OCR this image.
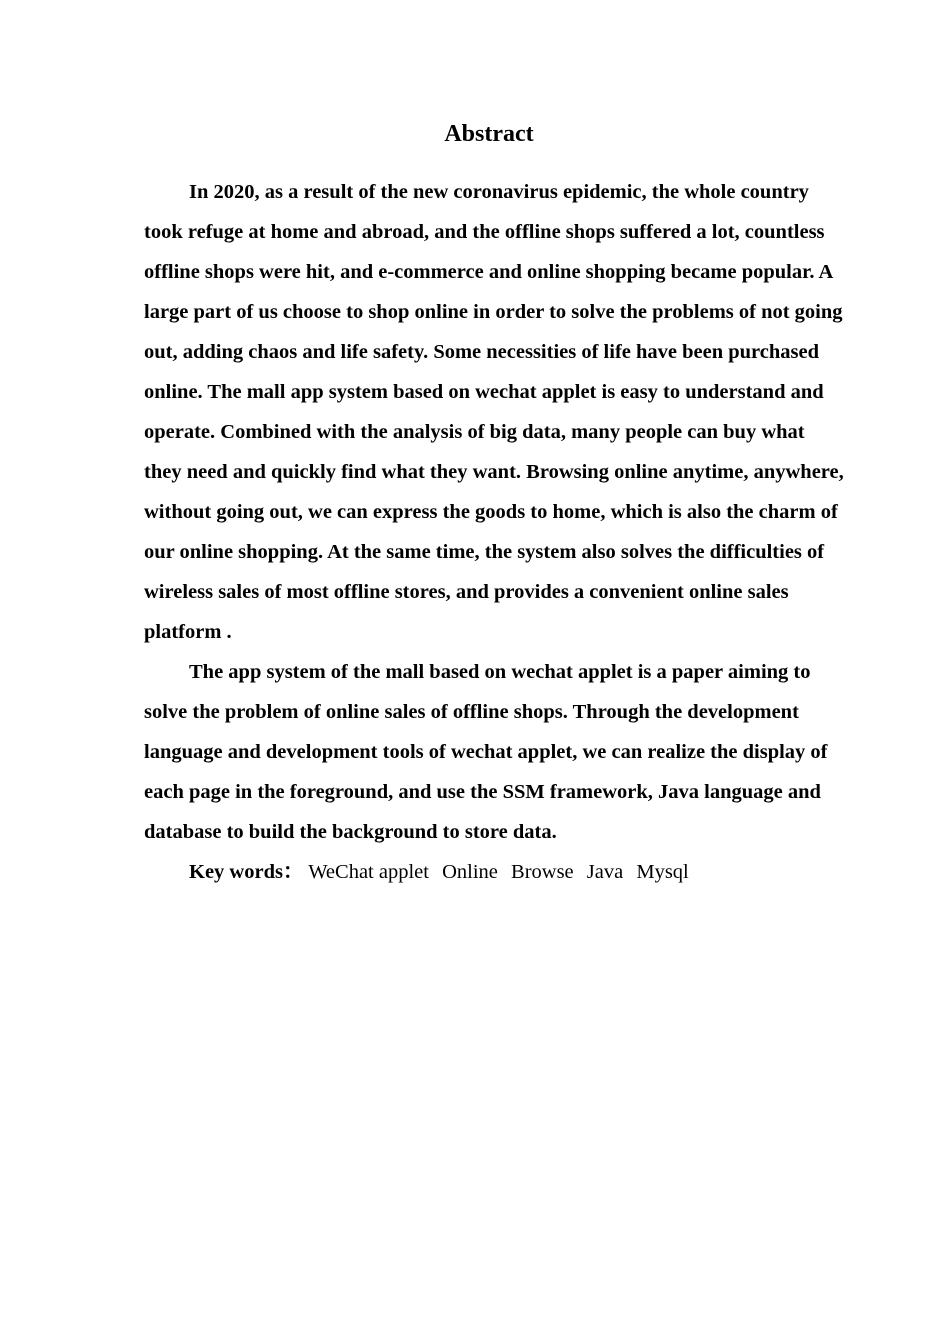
Abstract

In 2020, as a result of the new coronavirus epidemic, the whole country took refuge at home and abroad, and the offline shops suffered a lot, countless offline shops were hit, and e-commerce and online shopping became popular. A large part of us choose to shop online in order to solve the problems of not going out, adding chaos and life safety. Some necessities of life have been purchased online. The mall app system based on wechat applet is easy to understand and operate. Combined with the analysis of big data, many people can buy what they need and quickly find what they want. Browsing online anytime, anywhere, without going out, we can express the goods to home, which is also the charm of our online shopping. At the same time, the system also solves the difficulties of wireless sales of most offline stores, and provides a convenient online sales platform .

The app system of the mall based on wechat applet is a paper aiming to solve the problem of online sales of offline shops. Through the development language and development tools of wechat applet, we can realize the display of each page in the foreground, and use the SSM framework, Java language and database to build the background to store data.

Key words： WeChat applet Online Browse Java Mysql
